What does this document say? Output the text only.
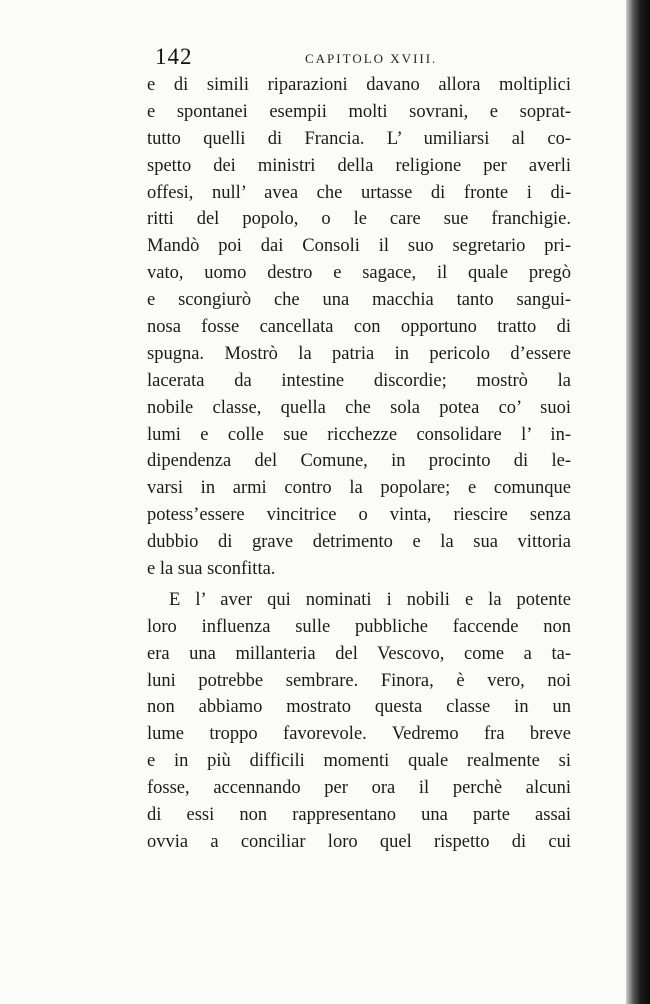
142	CAPITOLO XVIII.
e di simili riparazioni davano allora moltiplici
e spontanei esempii molti sovrani, e soprat-
tutto quelli di Francia. L’ umiliarsi al co-
spetto dei ministri della religione per averli
offesi, null’ avea che urtasse di fronte i di-
ritti del popolo, o le care sue franchigie.
Mandò poi dai Consoli il suo segretario pri-
vato, uomo destro e sagace, il quale pregò
e scongiurò che una macchia tanto sangui-
nosa fosse cancellata con opportuno tratto di
spugna. Mostrò la patria in pericolo d’essere
lacerata da intestine discordie; mostrò la
nobile classe, quella che sola potea co’ suoi
lumi e colle sue ricchezze consolidare l’ in-
dipendenza del Comune, in procinto di le-
varsi in armi contro la popolare; e comunque
potess’essere vincitrice o vinta, riescire senza
dubbio di grave detrimento e la sua vittoria
e la sua sconfitta.
E l’ aver qui nominati i nobili e la potente
loro influenza sulle pubbliche faccende non
era una millanteria del Vescovo, come a ta-
luni potrebbe sembrare. Finora, è vero, noi
non abbiamo mostrato questa classe in un
lume troppo favorevole. Vedremo fra breve
e in più difficili momenti quale realmente si
fosse, accennando per ora il perchè alcuni
di essi non rappresentano una parte assai
ovvia a conciliar loro quel rispetto di cui
